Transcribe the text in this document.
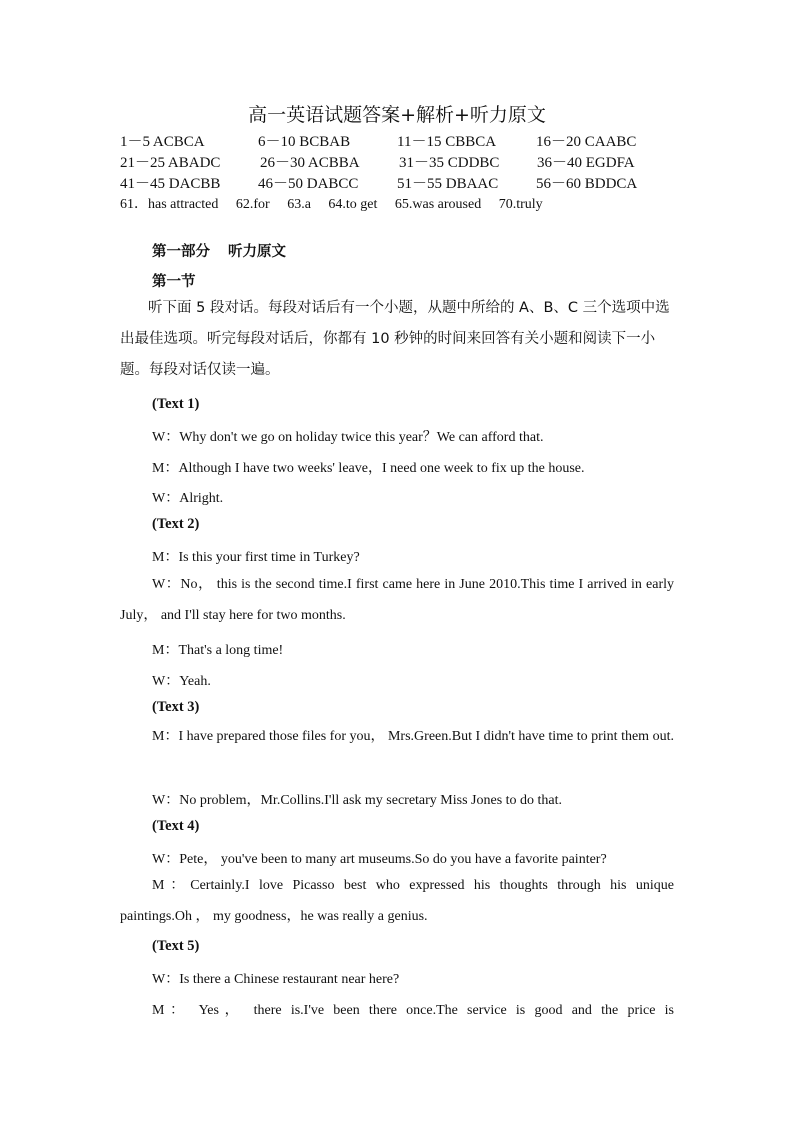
高一英语试题答案+解析+听力原文
1－5 ACBCA	6－10 BCBAB	11－15 CBBCA	16－20 CAABC
21－25 ABADC	26－30 ACBBA	31－35 CDDBC	36－40 EGDFA
41－45 DACBB	46－50 DABCC	51－55 DBAAC	56－60 BDDCA
61．has attracted 62.for 63.a 64.to get 65.was aroused 70.truly
第一部分 听力原文
第一节
听下面 5 段对话。每段对话后有一个小题，从题中所给的 A、B、C 三个选项中选出最佳选项。听完每段对话后，你都有 10 秒钟的时间来回答有关小题和阅读下一小题。每段对话仅读一遍。
(Text 1)
W：Why don't we go on holiday twice this year？We can afford that.
M：Although I have two weeks' leave，I need one week to fix up the house.
W：Alright.
(Text 2)
M：Is this your first time in Turkey?
W：No， this is the second time.I first came here in June 2010.This time I arrived in early July， and I'll stay here for two months.
M：That's a long time!
W：Yeah.
(Text 3)
M：I have prepared those files for you， Mrs.Green.But I didn't have time to print them out.
W：No problem，Mr.Collins.I'll ask my secretary Miss Jones to do that.
(Text 4)
W：Pete， you've been to many art museums.So do you have a favorite painter?
M：Certainly.I love Picasso best who expressed his thoughts through his unique paintings.Oh ， my goodness，he was really a genius.
(Text 5)
W：Is there a Chinese restaurant near here?
M： Yes， there is.I've been there once.The service is good and the price is
